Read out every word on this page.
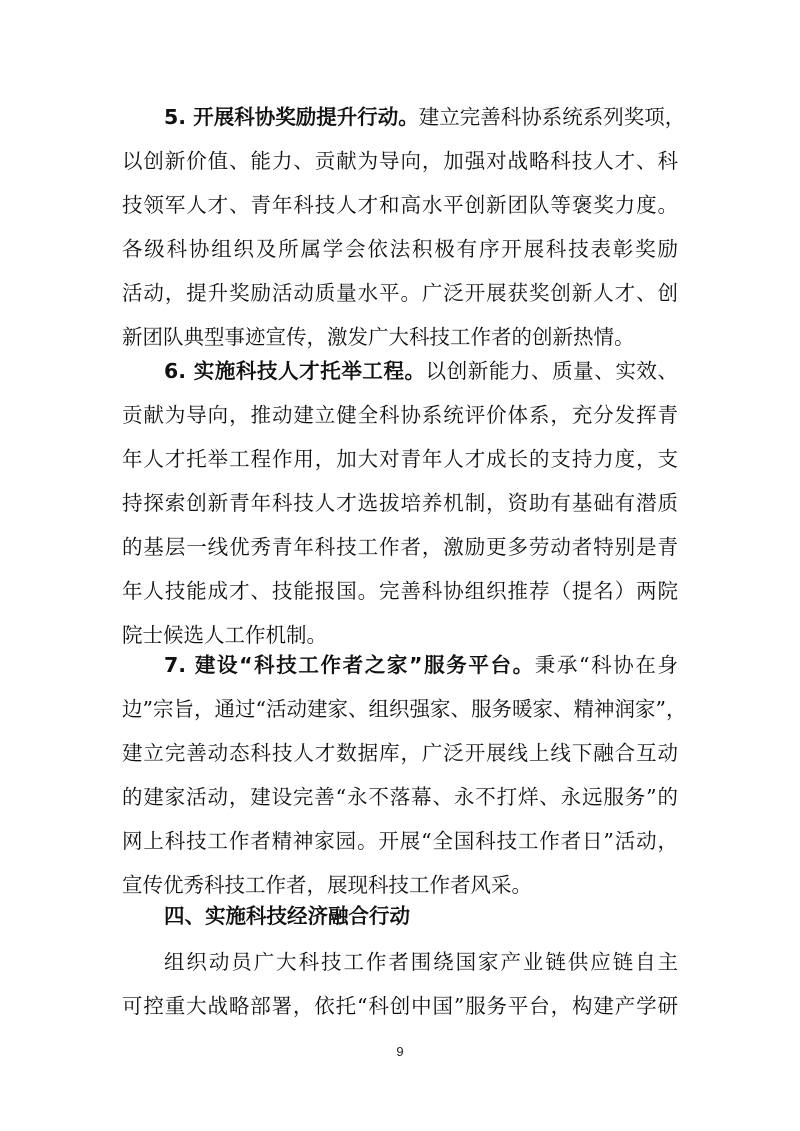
5. 开展科协奖励提升行动。建立完善科协系统系列奖项，
以创新价值、能力、贡献为导向，加强对战略科技人才、科
技领军人才、青年科技人才和高水平创新团队等褒奖力度。
各级科协组织及所属学会依法积极有序开展科技表彰奖励
活动，提升奖励活动质量水平。广泛开展获奖创新人才、创
新团队典型事迹宣传，激发广大科技工作者的创新热情。
6. 实施科技人才托举工程。以创新能力、质量、实效、
贡献为导向，推动建立健全科协系统评价体系，充分发挥青
年人才托举工程作用，加大对青年人才成长的支持力度，支
持探索创新青年科技人才选拔培养机制，资助有基础有潜质
的基层一线优秀青年科技工作者，激励更多劳动者特别是青
年人技能成才、技能报国。完善科协组织推荐（提名）两院
院士候选人工作机制。
7. 建设“科技工作者之家”服务平台。秉承“科协在身
边”宗旨，通过“活动建家、组织强家、服务暖家、精神润家”，
建立完善动态科技人才数据库，广泛开展线上线下融合互动
的建家活动，建设完善“永不落幕、永不打烊、永远服务”的
网上科技工作者精神家园。开展“全国科技工作者日”活动，
宣传优秀科技工作者，展现科技工作者风采。
四、实施科技经济融合行动
组织动员广大科技工作者围绕国家产业链供应链自主
可控重大战略部署，依托“科创中国”服务平台，构建产学研
9
